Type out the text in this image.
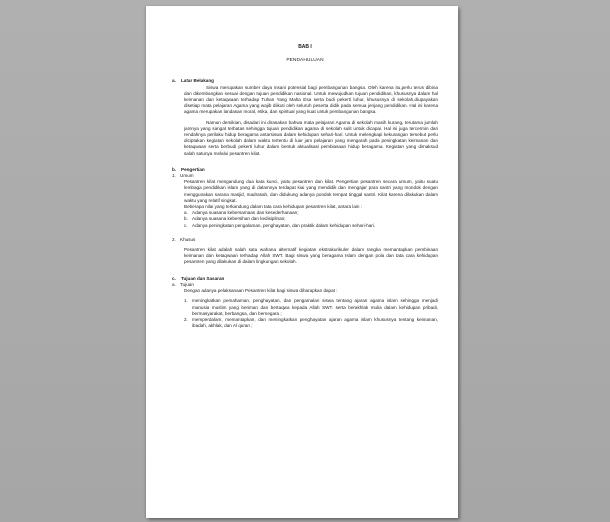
BAB I
PENDAHULUAN
a.	Latar Belakang

Siswa merupakan sumber daya insani potensial bagi pembangunan bangsa. Oleh karena itu,perlu terus dibina dan dikembangkan sesuai dengan tujuan pendidikan nasional. Untuk mewujudkan tujuan pendidikan, khususnya dalam hal keimanan dan ketaqwaan terhadap Tuhan Yang Maha Esa serta budi pekerti luhur, khususnya di sekolah,diupayakan disetiap mata pelajaran Agama yang wajib diikuti oleh seluruh peserta didik pada semua jenjang pendidikan. Hal ini karena agama merupakan landasan moral, etika, dan spiritual yang kuat untuk pembangunan bangsa.

Namun demikian, disadari ini dirasakan bahwa mata pelajaran Agama di sekolah masih kurang, terutama jumlah jamnya yang sangat terbatas sehingga tujuan pendidikan agama di sekolah sulit untuk dicapai. Hal ini juga tercermin dari rendahnya perilaku hidup beragama antarsiswa dalam kehidupan sehari-hari. Untuk melengkapi kekurangan tersebut perlu diciptakan kegiatan sekolah dalam waktu tertentu di luar jam pelajaran yang mengarah pada peningkatan keimanan dan ketaqwaan serta berbudi pekerti luhur dalam bentuk aktualisasi pembiasaan hidup beragama. Kegiatan yang dimaksud salah satunya melalui pesantren kilat.

b.	Pengertian
1. Umum

Pesantren kilat mengandung dua kata kunci, yaitu pesantren dan kilat. Pengertian pesantren secara umum, yaitu suatu lembaga pendidikan islam yang di dalamnya terdapat kiai yang mendidik dan mengajar para santri yang mondok dengan menggunakan sarana masjid, madrasah, dan didukung adanya pondok tempat tinggal santri. Kilat karena dilakukan dalam waktu yang relatif singkat.

Beberapa nilai yang terkandung dalam tata cara kehidupan pesantren kilat, antara lain :

a. Adanya suasana kebersamaan dan kesederhanaan;
b. Adanya suasana kebersihan dan kedisiplinan;
c. Adanya peningkatan pengalaman, penghayatan, dan praktik dalam kehidupan sehari-hari.
2. Khusus

Pesantren kilat adalah salah satu wahana alternatif kegiatan ekstrakurikuler dalam rangka memantapkan pembinaan keimanan dan ketaqwaan terhadap Allah SWT. Bagi siswa yang beragama Islam dengan pola dan tata cara kehidupan pesantren yang dilakukan di dalam lingkungan sekolah.

c.	Tujuan dan Sasaran
a. Tujuan

Dengan adanya pelaksanaan Pesantren kilat bagi siswa diharapkan dapat :

1. meningkatkan pemahaman, penghayatan, dan pengamalan siswa tentang ajaran agama islam sehingga menjadi manusia muslim yang beriman dan bertaqwa kepada Allah SWT. serta berakhlak mulia dalam kehidupan pribadi, bermasyarakat, berbangsa, dan bernegara ;
2. memperdalam, memantapkan, dan meningkatkan penghayatan ajaran agama islam khususnya tentang keimanan, ibadah, akhlak, dan Al quran ;
